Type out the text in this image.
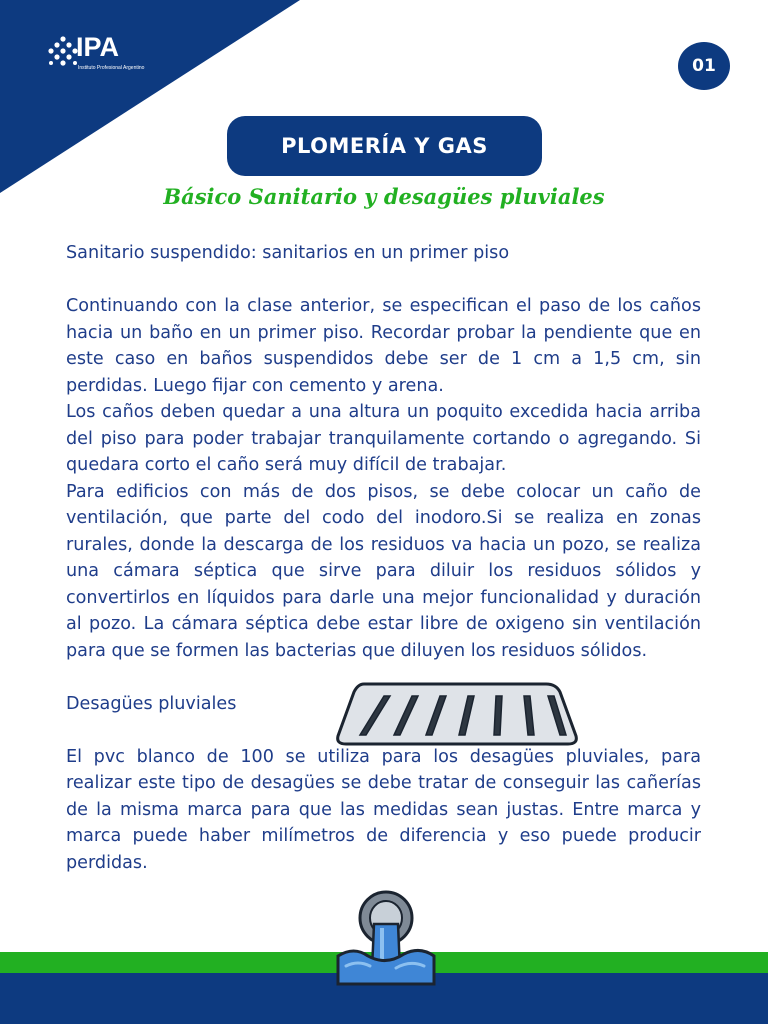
IPA
Instituto Profesional Argentino	01
PLOMERÍA Y GAS
Básico Sanitario y desagües pluviales

Sanitario suspendido: sanitarios en un primer piso

Continuando con la clase anterior, se especifican el paso de los caños hacia un baño en un primer piso. Recordar probar la pendiente que en este caso en baños suspendidos debe ser de 1 cm a 1,5 cm, sin perdidas. Luego fijar con cemento y arena.

Los caños deben quedar a una altura un poquito excedida hacia arriba del piso para poder trabajar tranquilamente cortando o agregando. Si quedara corto el caño será muy difícil de trabajar.

Para edificios con más de dos pisos, se debe colocar un caño de ventilación, que parte del codo del inodoro.Si se realiza en zonas rurales, donde la descarga de los residuos va hacia un pozo, se realiza una cámara séptica que sirve para diluir los residuos sólidos y convertirlos en líquidos para darle una mejor funcionalidad y duración al pozo. La cámara séptica debe estar libre de oxigeno sin ventilación para que se formen las bacterias que diluyen los residuos sólidos.

Desagües pluviales

El pvc blanco de 100 se utiliza para los desagües pluviales, para realizar este tipo de desagües se debe tratar de conseguir las cañerías de la misma marca para que las medidas sean justas. Entre marca y marca puede haber milímetros de diferencia y eso puede producir perdidas.
